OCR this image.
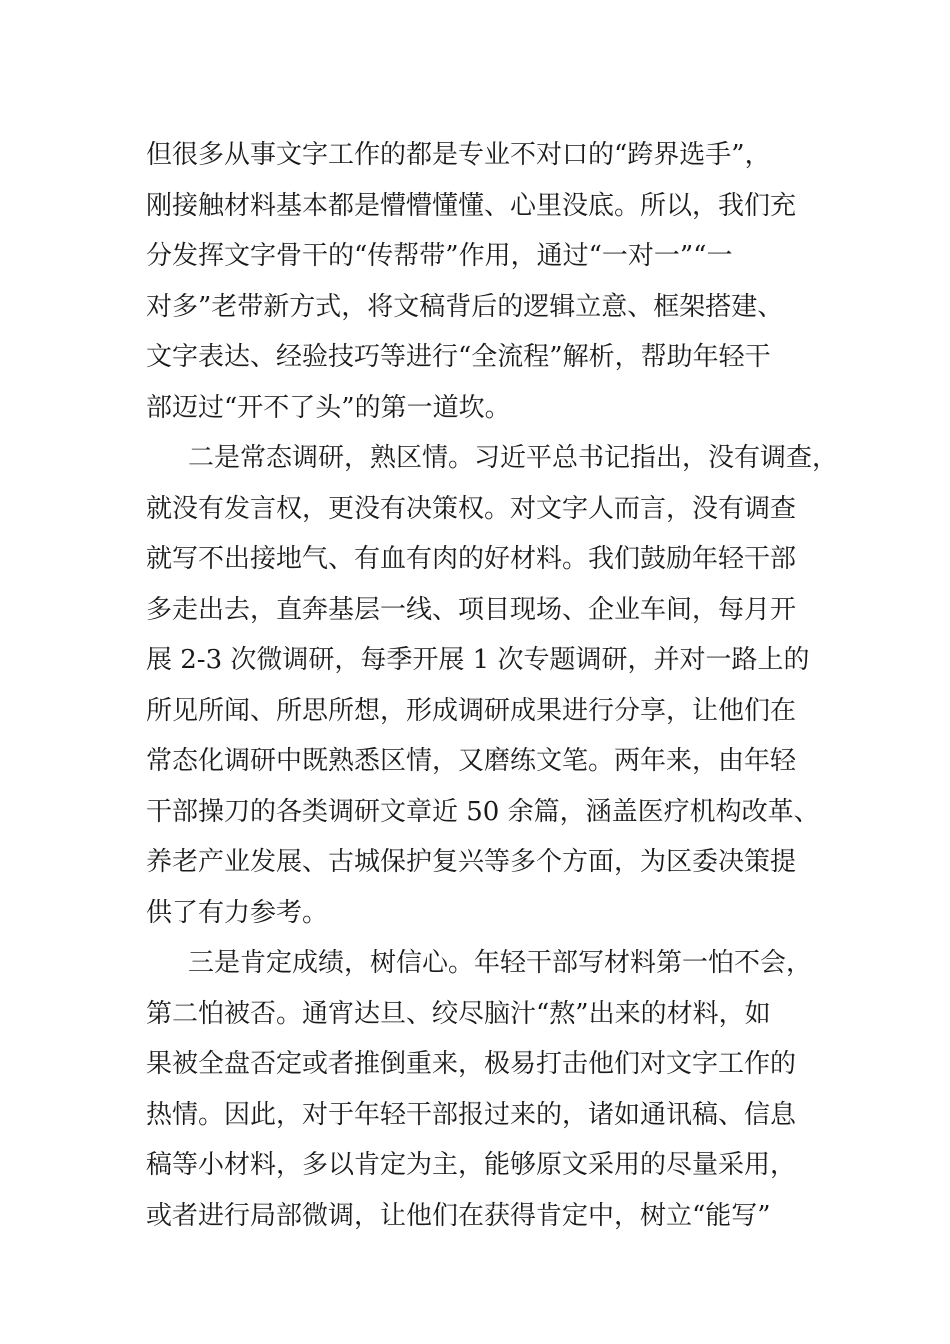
但很多从事文字工作的都是专业不对口的“跨界选手”，
刚接触材料基本都是懵懵懂懂、心里没底。所以，我们充
分发挥文字骨干的“传帮带”作用，通过“一对一”“一
对多”老带新方式，将文稿背后的逻辑立意、框架搭建、
文字表达、经验技巧等进行“全流程”解析，帮助年轻干
部迈过“开不了头”的第一道坎。
二是常态调研，熟区情。习近平总书记指出，没有调查，
就没有发言权，更没有决策权。对文字人而言，没有调查
就写不出接地气、有血有肉的好材料。我们鼓励年轻干部
多走出去，直奔基层一线、项目现场、企业车间，每月开
展 2-3 次微调研，每季开展 1 次专题调研，并对一路上的
所见所闻、所思所想，形成调研成果进行分享，让他们在
常态化调研中既熟悉区情，又磨练文笔。两年来，由年轻
干部操刀的各类调研文章近 50 余篇，涵盖医疗机构改革、
养老产业发展、古城保护复兴等多个方面，为区委决策提
供了有力参考。
三是肯定成绩，树信心。年轻干部写材料第一怕不会，
第二怕被否。通宵达旦、绞尽脑汁“熬”出来的材料，如
果被全盘否定或者推倒重来，极易打击他们对文字工作的
热情。因此，对于年轻干部报过来的，诸如通讯稿、信息
稿等小材料，多以肯定为主，能够原文采用的尽量采用，
或者进行局部微调，让他们在获得肯定中，树立“能写”
